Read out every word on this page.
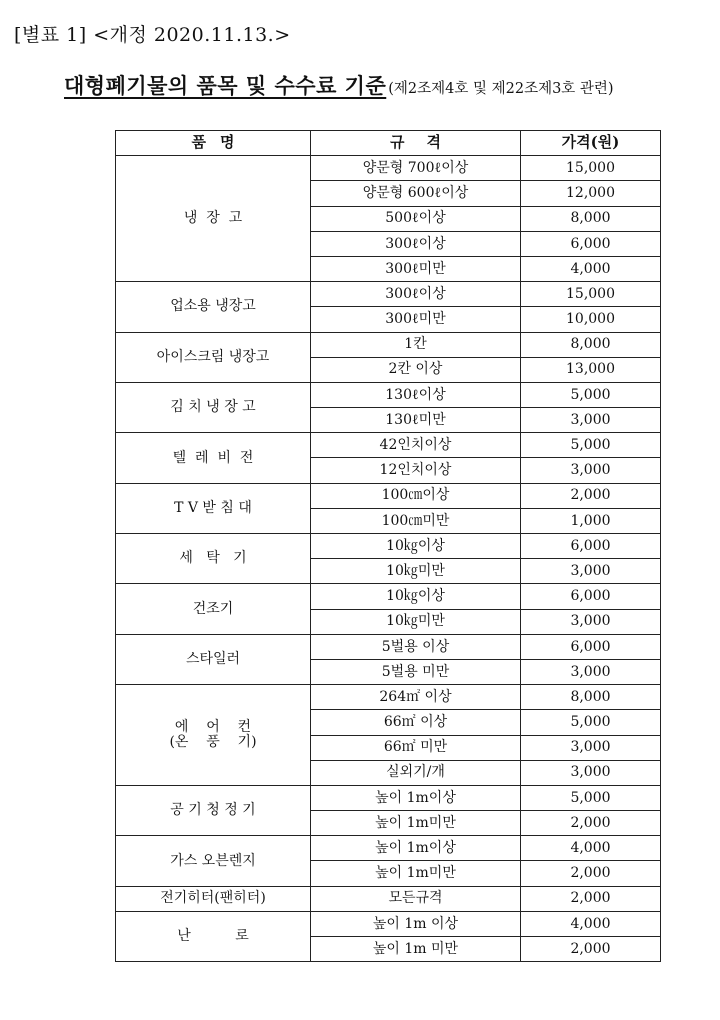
[별표 1] <개정 2020.11.13.>
대형폐기물의 품목 및 수수료 기준 (제2조제4호 및 제22조제3호 관련)
품명	규격	가격(원)
냉  장  고	양문형 700ℓ이상	15,000
	양문형 600ℓ이상	12,000
	500ℓ이상	8,000
	300ℓ이상	6,000
	300ℓ미만	4,000
업소용 냉장고	300ℓ이상	15,000
	300ℓ미만	10,000
아이스크림 냉장고	1칸	8,000
	2칸 이상	13,000
김 치 냉 장 고	130ℓ이상	5,000
	130ℓ미만	3,000
텔  레  비  전	42인치이상	5,000
	12인치이상	3,000
T V 받 침 대	100㎝이상	2,000
	100㎝미만	1,000
세   탁   기	10㎏이상	6,000
	10㎏미만	3,000
건조기	10㎏이상	6,000
	10㎏미만	3,000
스타일러	5벌용 이상	6,000
	5벌용 미만	3,000
에    어    컨
(온    풍    기)	264㎡ 이상	8,000
	66㎡ 이상	5,000
	66㎡ 미만	3,000
	실외기/개	3,000
공 기 청 정 기	높이 1m이상	5,000
	높이 1m미만	2,000
가스 오븐렌지	높이 1m이상	4,000
	높이 1m미만	2,000
전기히터(팬히터)	모든규격	2,000
난          로	높이 1m 이상	4,000
	높이 1m 미만	2,000
